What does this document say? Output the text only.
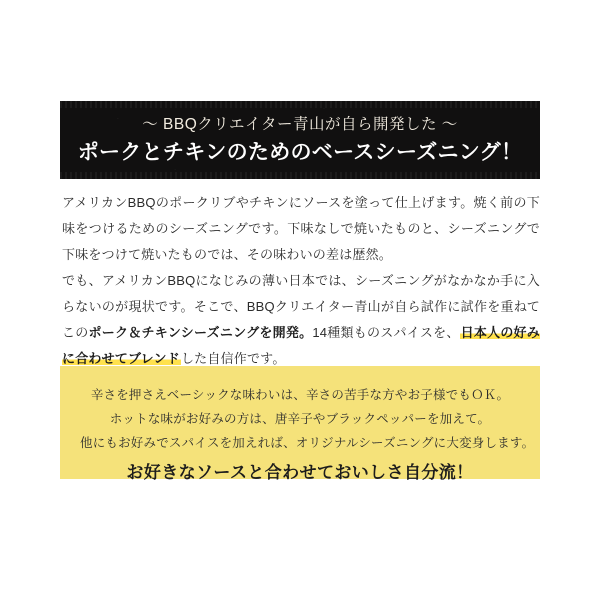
〜 BBQクリエイター青山が自ら開発した 〜
ポークとチキンのためのベースシーズニング！

アメリカンBBQのポークリブやチキンにソースを塗って仕上げます。焼く前の下味をつけるためのシーズニングです。下味なしで焼いたものと、シーズニングで下味をつけて焼いたものでは、その味わいの差は歴然。

でも、アメリカンBBQになじみの薄い日本では、シーズニングがなかなか手に入らないのが現状です。そこで、BBQクリエイター青山が自ら試作に試作を重ねてこのポーク＆チキンシーズニングを開発。14種類ものスパイスを、日本人の好みに合わせてブレンドした自信作です。

辛さを押さえベーシックな味わいは、辛さの苦手な方やお子様でもＯＫ。
ホットな味がお好みの方は、唐辛子やブラックペッパーを加えて。
他にもお好みでスパイスを加えれば、オリジナルシーズニングに大変身します。
お好きなソースと合わせておいしさ自分流！
